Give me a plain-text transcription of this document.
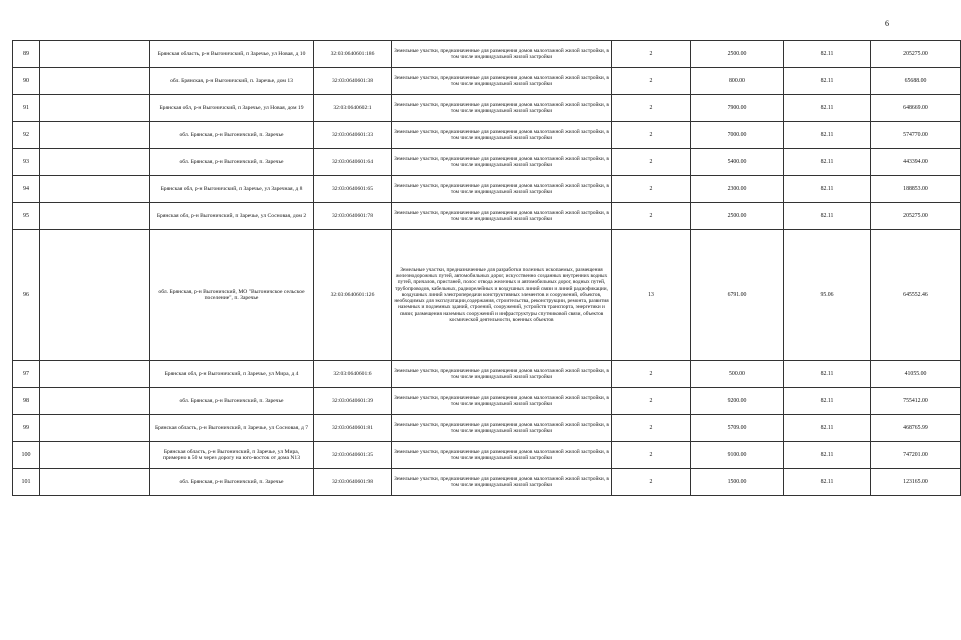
6
89		Брянская область, р-н Выгоничский, п Заречье, ул Новая, д 10	32:03:0640601:186	Земельные участки, предназначенные для размещения домов малоэтажной жилой застройки, в том числе индивидуальной жилой застройки	2	2500.00	82.11	205275.00
90		обл. Брянская, р-н Выгоничский, п. Заречье, дом 13	32:03:0640601:38	Земельные участки, предназначенные для размещения домов малоэтажной жилой застройки, в том числе индивидуальной жилой застройки	2	800.00	82.11	65688.00
91		Брянская обл, р-н Выгоничский, п Заречье, ул Новая, дом 19	32:03:0640602:1	Земельные участки, предназначенные для размещения домов малоэтажной жилой застройки, в том числе индивидуальной жилой застройки	2	7900.00	82.11	648669.00
92		обл. Брянская, р-н Выгоничский, п. Заречье	32:03:0640601:33	Земельные участки, предназначенные для размещения домов малоэтажной жилой застройки, в том числе индивидуальной жилой застройки	2	7000.00	82.11	574770.00
93		обл. Брянская, р-н Выгоничский, п. Заречье	32:03:0640601:64	Земельные участки, предназначенные для размещения домов малоэтажной жилой застройки, в том числе индивидуальной жилой застройки	2	5400.00	82.11	443394.00
94		Брянская обл, р-н Выгоничский, п Заречье, ул Заречная, д 8	32:03:0640601:65	Земельные участки, предназначенные для размещения домов малоэтажной жилой застройки, в том числе индивидуальной жилой застройки	2	2300.00	82.11	188853.00
95		Брянская обл, р-н Выгоничский, п Заречье, ул Сосновая, дом 2	32:03:0640601:78	Земельные участки, предназначенные для размещения домов малоэтажной жилой застройки, в том числе индивидуальной жилой застройки	2	2500.00	82.11	205275.00
96		обл. Брянская, р-н Выгоничский, МО "Выгоничское сельское поселение", п. Заречье	32:03:0640601:126	Земельные участки, предназначенные для разработки полезных ископаемых, размещения железнодорожных путей, автомобильных дорог, искусственно созданных внутренних водных путей, причалов, пристаней, полос отвода железных и автомобильных дорог, водных путей, трубопроводов, кабельных, радиорелейных и воздушных линий связи и линий радиофикации, воздушных линий электропередачи конструктивных элементов и сооружений, объектов, необходимых для эксплуатации,содержания, строительства, реконструкции, ремонта, развития наземных и подземных зданий, строений, сооружений, устройств транспорта, энергетики и связи; размещения наземных сооружений и инфраструктуры спутниковой связи, объектов космической деятельности, военных объектов	13	6791.00	95.06	645552.46
97		Брянская обл, р-н Выгоничский, п Заречье, ул Мира, д 4	32:03:0640601:6	Земельные участки, предназначенные для размещения домов малоэтажной жилой застройки, в том числе индивидуальной жилой застройки	2	500.00	82.11	41055.00
98		обл. Брянская, р-н Выгоничский, п. Заречье	32:03:0640601:39	Земельные участки, предназначенные для размещения домов малоэтажной жилой застройки, в том числе индивидуальной жилой застройки	2	9200.00	82.11	755412.00
99		Брянская область, р-н Выгоничский, п Заречье, ул Сосновая, д 7	32:03:0640601:81	Земельные участки, предназначенные для размещения домов малоэтажной жилой застройки, в том числе индивидуальной жилой застройки	2	5709.00	82.11	468765.99
100		Брянская область, р-н Выгоничский, п Заречье, ул Мира, примерно в 50 м через дорогу на юго-восток от дома N13	32:03:0640601:35	Земельные участки, предназначенные для размещения домов малоэтажной жилой застройки, в том числе индивидуальной жилой застройки	2	9100.00	82.11	747201.00
101		обл. Брянская, р-н Выгоничский, п. Заречье	32:03:0640601:98	Земельные участки, предназначенные для размещения домов малоэтажной жилой застройки, в том числе индивидуальной жилой застройки	2	1500.00	82.11	123165.00
